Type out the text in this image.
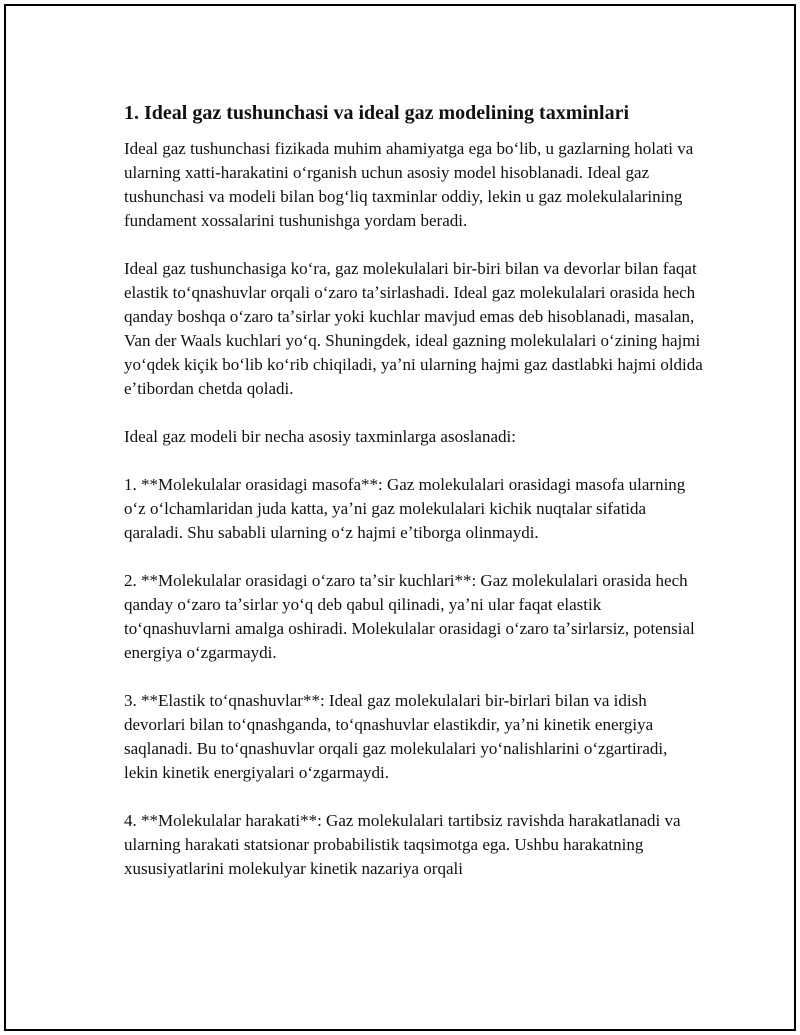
1. Ideal gaz tushunchasi va ideal gaz modelining taxminlari

Ideal gaz tushunchasi fizikada muhim ahamiyatga ega boʻlib, u gazlarning holati va ularning xatti-harakatini oʻrganish uchun asosiy model hisoblanadi. Ideal gaz tushunchasi va modeli bilan bogʻliq taxminlar oddiy, lekin u gaz molekulalarining fundament xossalarini tushunishga yordam beradi.

Ideal gaz tushunchasiga koʻra, gaz molekulalari bir-biri bilan va devorlar bilan faqat elastik toʻqnashuvlar orqali oʻzaro taʼsirlashadi. Ideal gaz molekulalari orasida hech qanday boshqa oʻzaro taʼsirlar yoki kuchlar mavjud emas deb hisoblanadi, masalan, Van der Waals kuchlari yoʻq. Shuningdek, ideal gazning molekulalari oʻzining hajmi yoʻqdek kiçik boʻlib koʻrib chiqiladi, yaʼni ularning hajmi gaz dastlabki hajmi oldida eʼtibordan chetda qoladi.

Ideal gaz modeli bir necha asosiy taxminlarga asoslanadi:

1. **Molekulalar orasidagi masofa**: Gaz molekulalari orasidagi masofa ularning oʻz oʻlchamlaridan juda katta, yaʼni gaz molekulalari kichik nuqtalar sifatida qaraladi. Shu sababli ularning oʻz hajmi eʼtiborga olinmaydi.

2. **Molekulalar orasidagi oʻzaro taʼsir kuchlari**: Gaz molekulalari orasida hech qanday oʻzaro taʼsirlar yoʻq deb qabul qilinadi, yaʼni ular faqat elastik toʻqnashuvlarni amalga oshiradi. Molekulalar orasidagi oʻzaro taʼsirlarsiz, potensial energiya oʻzgarmaydi.

3. **Elastik toʻqnashuvlar**: Ideal gaz molekulalari bir-birlari bilan va idish devorlari bilan toʻqnashganda, toʻqnashuvlar elastikdir, yaʼni kinetik energiya saqlanadi. Bu toʻqnashuvlar orqali gaz molekulalari yoʻnalishlarini oʻzgartiradi, lekin kinetik energiyalari oʻzgarmaydi.

4. **Molekulalar harakati**: Gaz molekulalari tartibsiz ravishda harakatlanadi va ularning harakati statsionar probabilistik taqsimotga ega. Ushbu harakatning xususiyatlarini molekulyar kinetik nazariya orqali
